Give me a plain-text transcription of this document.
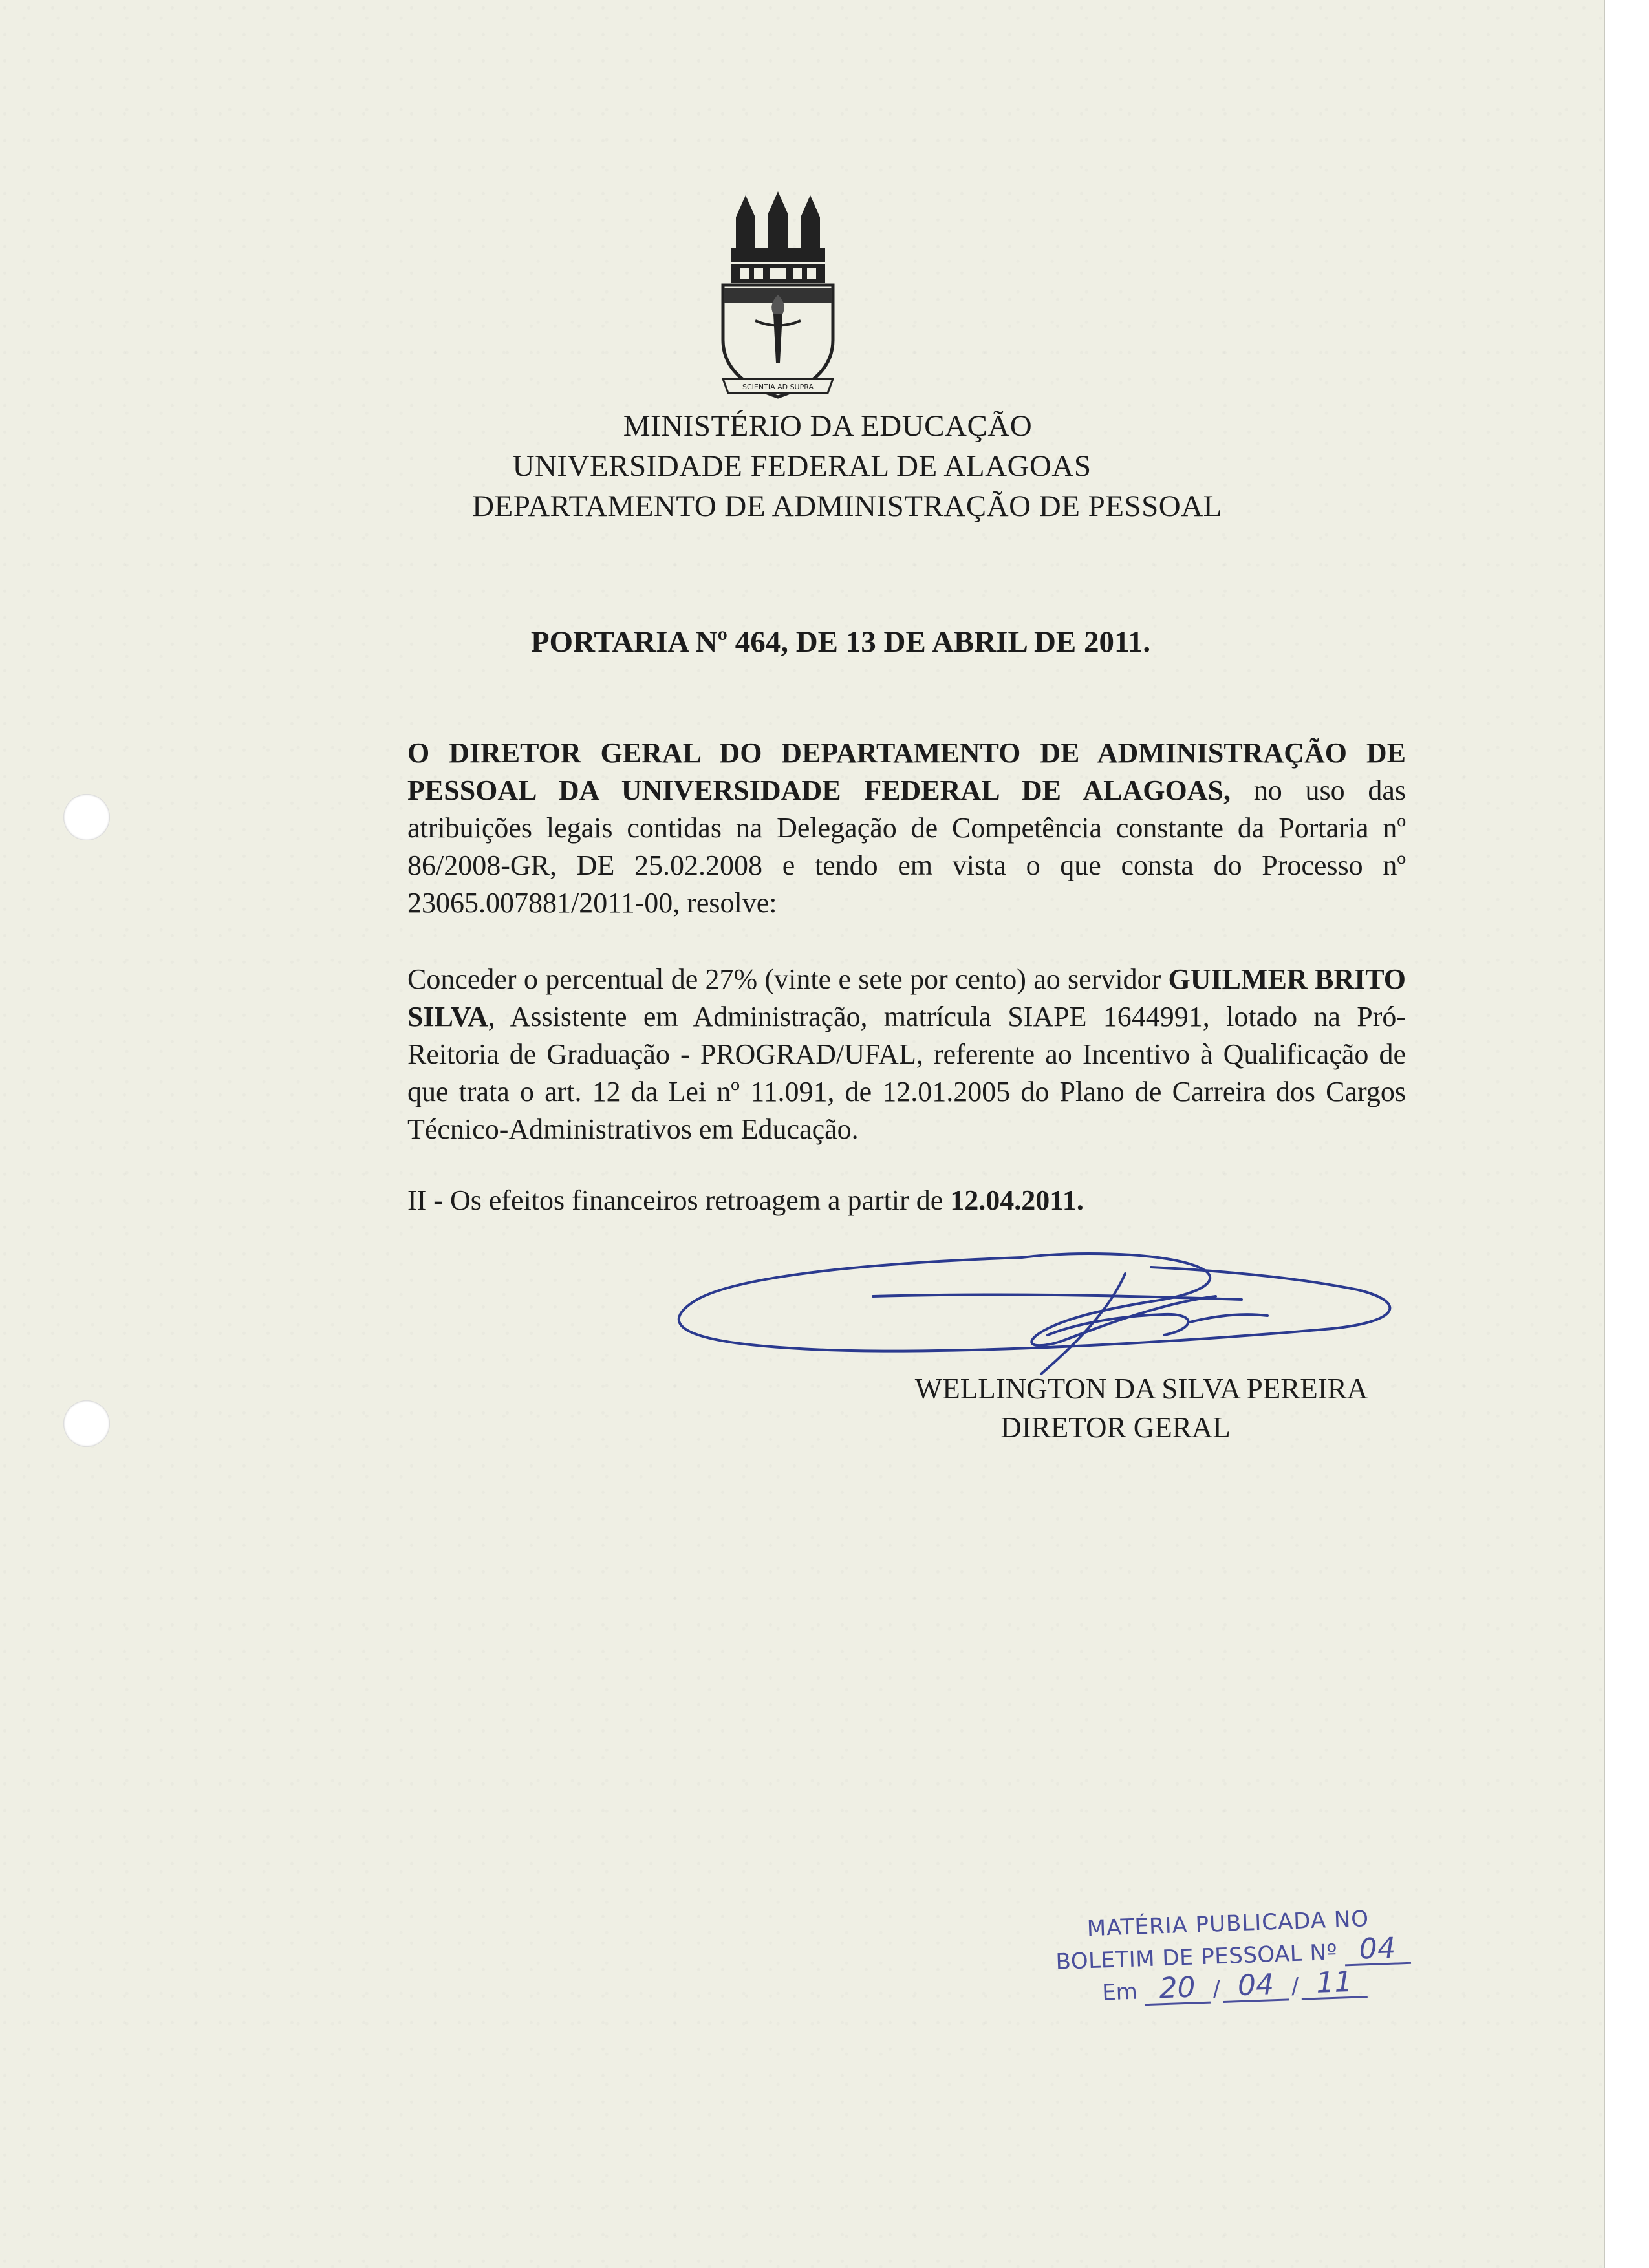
SCIENTIA AD SUPRA
MINISTÉRIO DA EDUCAÇÃO
UNIVERSIDADE FEDERAL DE ALAGOAS
DEPARTAMENTO DE ADMINISTRAÇÃO DE PESSOAL
PORTARIA Nº 464, DE 13 DE ABRIL DE 2011.
O DIRETOR GERAL DO DEPARTAMENTO DE ADMINISTRAÇÃO DE PESSOAL DA UNIVERSIDADE FEDERAL DE ALAGOAS, no uso das atribuições legais contidas na Delegação de Competência constante da Portaria nº 86/2008-GR, DE 25.02.2008 e tendo em vista o que consta do Processo nº 23065.007881/2011-00, resolve:
Conceder o percentual de 27% (vinte e sete por cento) ao servidor GUILMER BRITO SILVA, Assistente em Administração, matrícula SIAPE 1644991, lotado na Pró-Reitoria de Graduação - PROGRAD/UFAL, referente ao Incentivo à Qualificação de que trata o art. 12 da Lei nº 11.091, de 12.01.2005 do Plano de Carreira dos Cargos Técnico-Administrativos em Educação.
II - Os efeitos financeiros retroagem a partir de 12.04.2011.
WELLINGTON DA SILVA PEREIRA
DIRETOR GERAL
MATÉRIA PUBLICADA NO
BOLETIM DE PESSOAL Nº 04
Em 20 / 04 / 11
